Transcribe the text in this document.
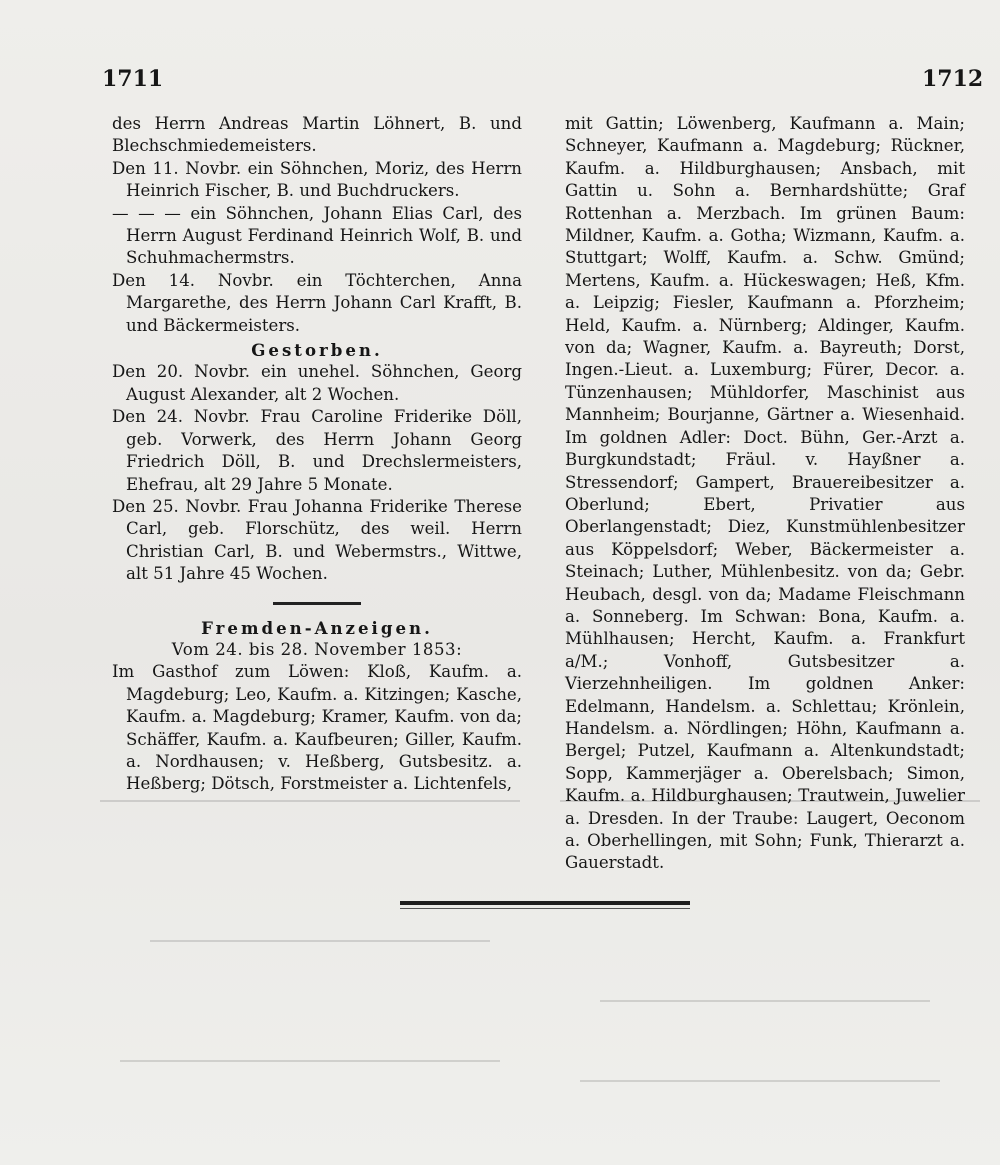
1711	1712

des Herrn Andreas Martin Löhnert, B. und Blechschmiedemeisters.

Den 11. Novbr. ein Söhnchen, Moriz, des Herrn Heinrich Fischer, B. und Buchdruckers.

— — — ein Söhnchen, Johann Elias Carl, des Herrn August Ferdinand Heinrich Wolf, B. und Schuhmachermstrs.

Den 14. Novbr. ein Töchterchen, Anna Margarethe, des Herrn Johann Carl Krafft, B. und Bäckermeisters.

Gestorben.

Den 20. Novbr. ein unehel. Söhnchen, Georg August Alexander, alt 2 Wochen.

Den 24. Novbr. Frau Caroline Friderike Döll, geb. Vorwerk, des Herrn Johann Georg Friedrich Döll, B. und Drechslermeisters, Ehefrau, alt 29 Jahre 5 Monate.

Den 25. Novbr. Frau Johanna Friderike Therese Carl, geb. Florschütz, des weil. Herrn Christian Carl, B. und Webermstrs., Wittwe, alt 51 Jahre 45 Wochen.

Fremden-Anzeigen.

Vom 24. bis 28. November 1853:

Im Gasthof zum Löwen: Kloß, Kaufm. a. Magdeburg; Leo, Kaufm. a. Kitzingen; Kasche, Kaufm. a. Magdeburg; Kramer, Kaufm. von da; Schäffer, Kaufm. a. Kaufbeuren; Giller, Kaufm. a. Nordhausen; v. Heßberg, Gutsbesitz. a. Heßberg; Dötsch, Forstmeister a. Lichtenfels,

mit Gattin; Löwenberg, Kaufmann a. Main; Schneyer, Kaufmann a. Magdeburg; Rückner, Kaufm. a. Hildburghausen; Ansbach, mit Gattin u. Sohn a. Bernhardshütte; Graf Rottenhan a. Merzbach. Im grünen Baum: Mildner, Kaufm. a. Gotha; Wizmann, Kaufm. a. Stuttgart; Wolff, Kaufm. a. Schw. Gmünd; Mertens, Kaufm. a. Hückeswagen; Heß, Kfm. a. Leipzig; Fiesler, Kaufmann a. Pforzheim; Held, Kaufm. a. Nürnberg; Aldinger, Kaufm. von da; Wagner, Kaufm. a. Bayreuth; Dorst, Ingen.-Lieut. a. Luxemburg; Fürer, Decor. a. Tünzenhausen; Mühldorfer, Maschinist aus Mannheim; Bourjanne, Gärtner a. Wiesenhaid. Im goldnen Adler: Doct. Bühn, Ger.-Arzt a. Burgkundstadt; Fräul. v. Hayßner a. Stressendorf; Gampert, Brauereibesitzer a. Oberlund; Ebert, Privatier aus Oberlangenstadt; Diez, Kunstmühlenbesitzer aus Köppelsdorf; Weber, Bäckermeister a. Steinach; Luther, Mühlenbesitz. von da; Gebr. Heubach, desgl. von da; Madame Fleischmann a. Sonneberg. Im Schwan: Bona, Kaufm. a. Mühlhausen; Hercht, Kaufm. a. Frankfurt a/M.; Vonhoff, Gutsbesitzer a. Vierzehnheiligen. Im goldnen Anker: Edelmann, Handelsm. a. Schlettau; Krönlein, Handelsm. a. Nördlingen; Höhn, Kaufmann a. Bergel; Putzel, Kaufmann a. Altenkundstadt; Sopp, Kammerjäger a. Oberelsbach; Simon, Kaufm. a. Hildburghausen; Trautwein, Juwelier a. Dresden. In der Traube: Laugert, Oeconom a. Oberhellingen, mit Sohn; Funk, Thierarzt a. Gauerstadt.
